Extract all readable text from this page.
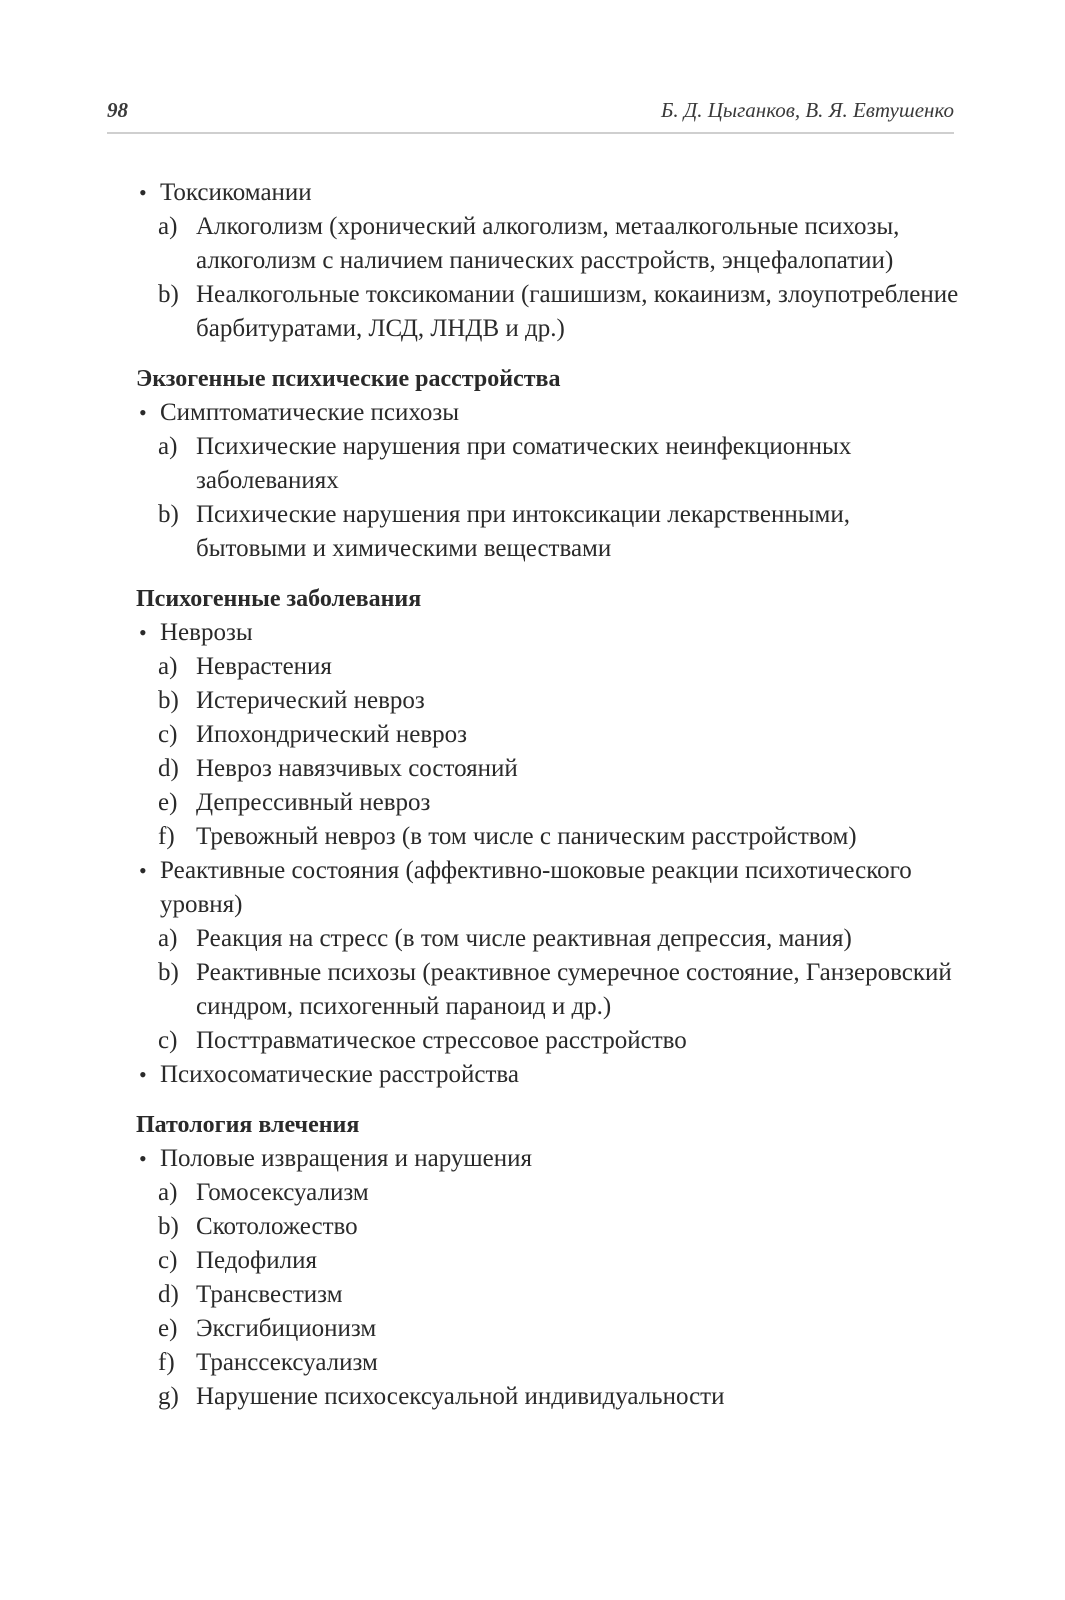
98	Б. Д. Цыганков, В. Я. Евтушенко
• Токсикомании
a) Алкоголизм (хронический алкоголизм, метаалкогольные психозы, алкоголизм с наличием панических расстройств, энцефалопатии)
b) Неалкогольные токсикомании (гашишизм, кокаинизм, злоупотребление барбитуратами, ЛСД, ЛНДВ и др.)
Экзогенные психические расстройства
• Симптоматические психозы
a) Психические нарушения при соматических неинфекционных заболеваниях
b) Психические нарушения при интоксикации лекарственными, бытовыми и химическими веществами
Психогенные заболевания
• Неврозы
a) Неврастения
b) Истерический невроз
c) Ипохондрический невроз
d) Невроз навязчивых состояний
e) Депрессивный невроз
f) Тревожный невроз (в том числе с паническим расстройством)
• Реактивные состояния (аффективно-шоковые реакции психотического уровня)
a) Реакция на стресс (в том числе реактивная депрессия, мания)
b) Реактивные психозы (реактивное сумеречное состояние, Ганзеровский синдром, психогенный параноид и др.)
c) Посттравматическое стрессовое расстройство
• Психосоматические расстройства
Патология влечения
• Половые извращения и нарушения
a) Гомосексуализм
b) Скотоложество
c) Педофилия
d) Трансвестизм
e) Эксгибиционизм
f) Транссексуализм
g) Нарушение психосексуальной индивидуальности
